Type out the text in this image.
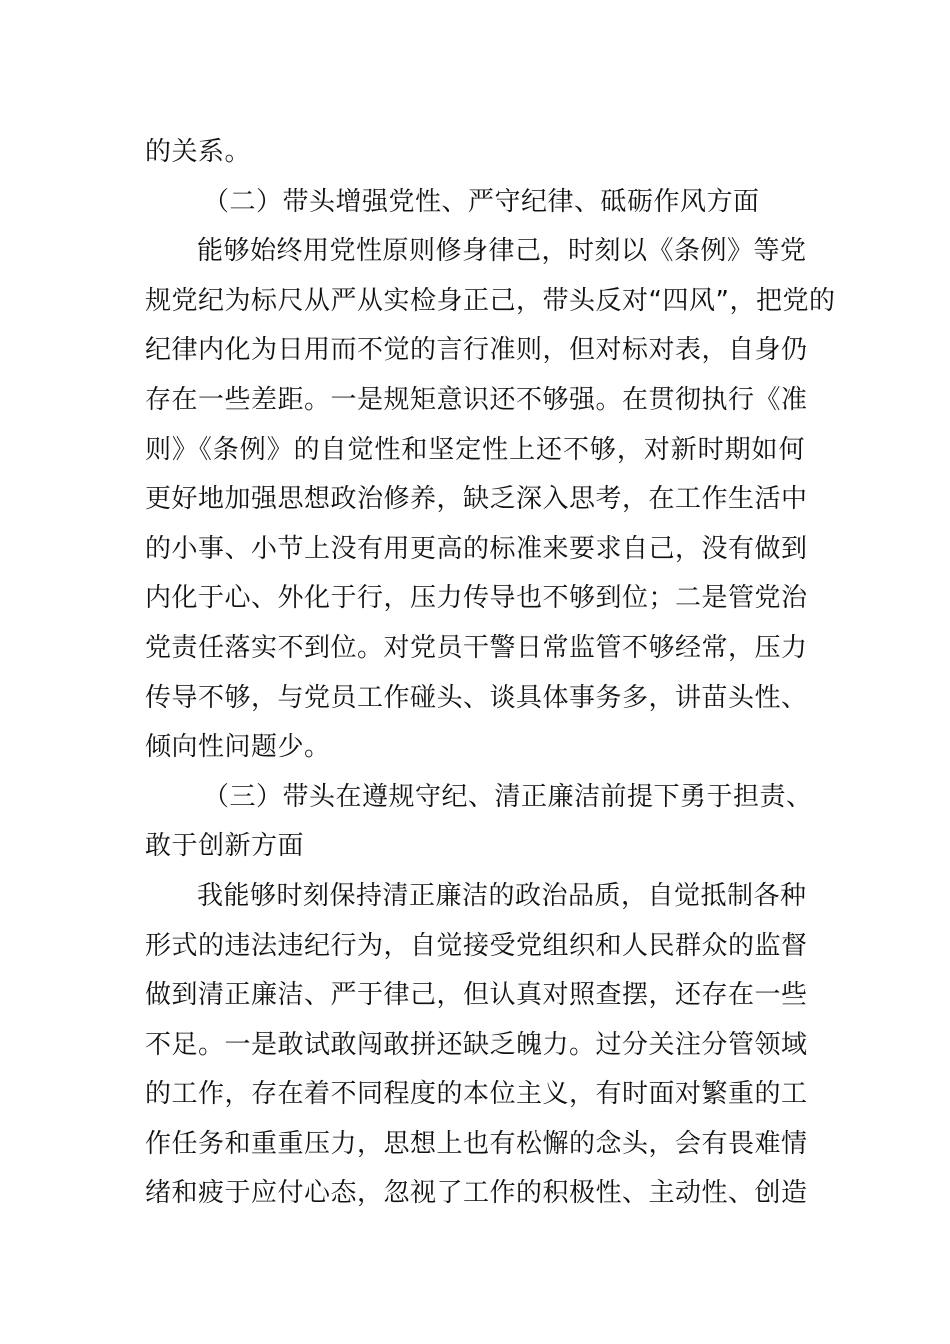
的关系。
（二）带头增强党性、严守纪律、砥砺作风方面
能够始终用党性原则修身律己，时刻以《条例》等党
规党纪为标尺从严从实检身正己，带头反对“四风”，把党的
纪律内化为日用而不觉的言行准则，但对标对表，自身仍
存在一些差距。一是规矩意识还不够强。在贯彻执行《准
则》《条例》的自觉性和坚定性上还不够，对新时期如何
更好地加强思想政治修养，缺乏深入思考，在工作生活中
的小事、小节上没有用更高的标准来要求自己，没有做到
内化于心、外化于行，压力传导也不够到位；二是管党治
党责任落实不到位。对党员干警日常监管不够经常，压力
传导不够，与党员工作碰头、谈具体事务多，讲苗头性、
倾向性问题少。
（三）带头在遵规守纪、清正廉洁前提下勇于担责、
敢于创新方面
我能够时刻保持清正廉洁的政治品质，自觉抵制各种
形式的违法违纪行为，自觉接受党组织和人民群众的监督
做到清正廉洁、严于律己，但认真对照查摆，还存在一些
不足。一是敢试敢闯敢拼还缺乏魄力。过分关注分管领域
的工作，存在着不同程度的本位主义，有时面对繁重的工
作任务和重重压力，思想上也有松懈的念头，会有畏难情
绪和疲于应付心态，忽视了工作的积极性、主动性、创造
